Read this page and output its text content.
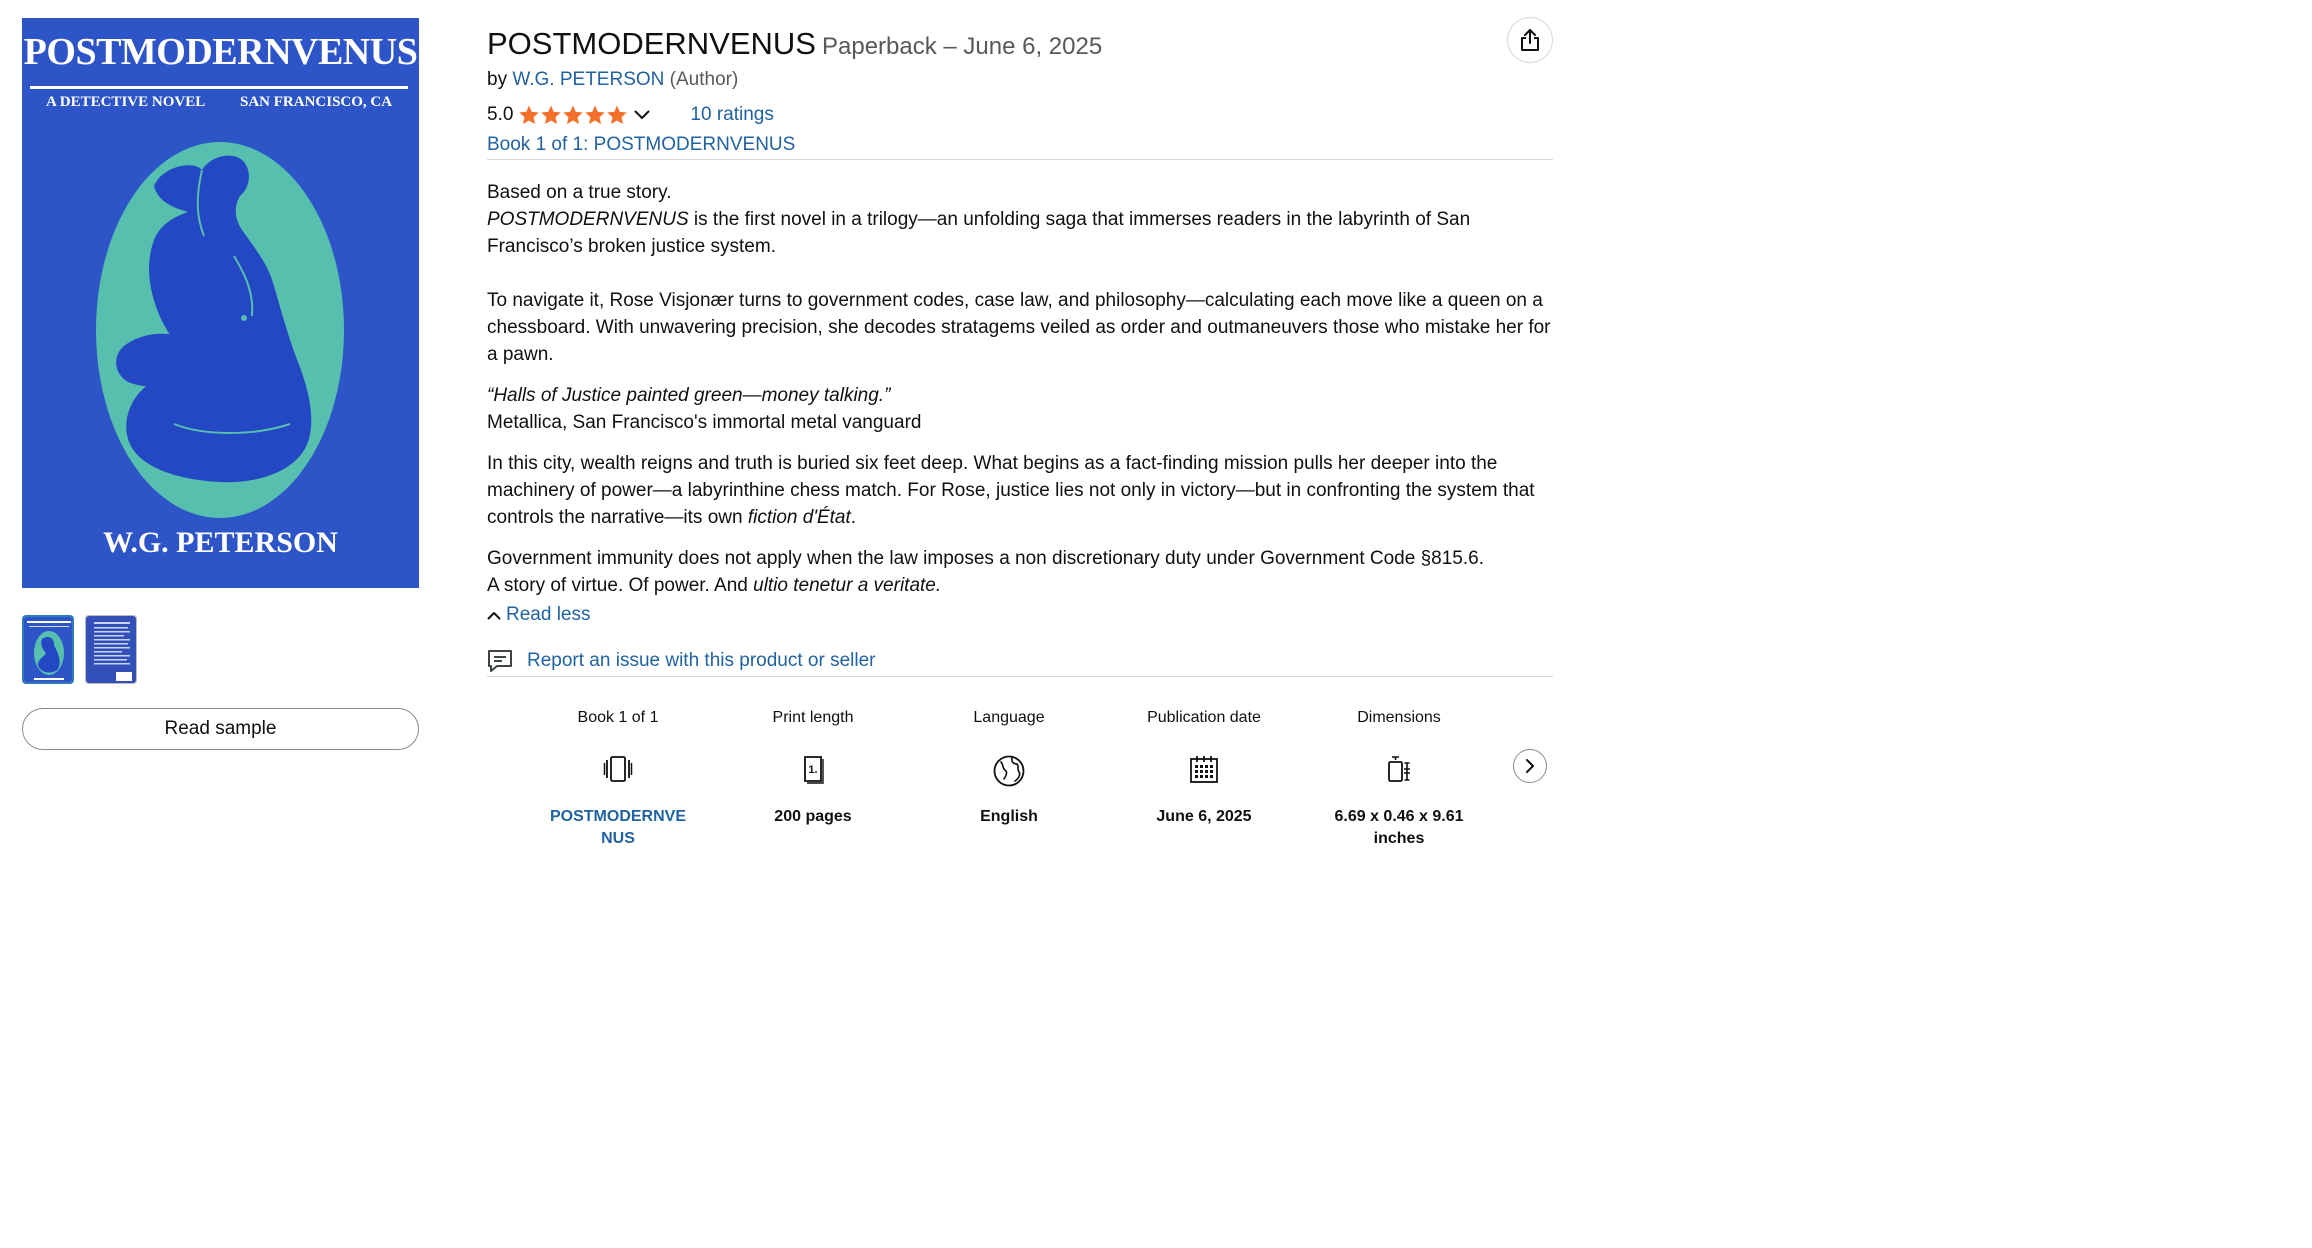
POSTMODERNVENUS
A DETECTIVE NOVEL SAN FRANCISCO, CA
W.G. PETERSON
Read sample
POSTMODERNVENUS Paperback – June 6, 2025
by W.G. PETERSON (Author)
5.0	10 ratings
Book 1 of 1: POSTMODERNVENUS

Based on a true story.
POSTMODERNVENUS is the first novel in a trilogy—an unfolding saga that immerses readers in the labyrinth of San Francisco’s broken justice system.

To navigate it, Rose Visjonær turns to government codes, case law, and philosophy—calculating each move like a queen on a chessboard. With unwavering precision, she decodes stratagems veiled as order and outmaneuvers those who mistake her for a pawn.

“Halls of Justice painted green—money talking.”
Metallica, San Francisco's immortal metal vanguard

In this city, wealth reigns and truth is buried six feet deep. What begins as a fact-finding mission pulls her deeper into the machinery of power—a labyrinthine chess match. For Rose, justice lies not only in victory—but in confronting the system that controls the narrative—its own fiction d'État.

Government immunity does not apply when the law imposes a non discretionary duty under Government Code §815.6.
A story of virtue. Of power. And ultio tenetur a veritate.

Read less
Report an issue with this product or seller
Book 1 of 1
POSTMODERNVE
NUS
Print length
1.
200 pages
Language
English
Publication date
June 6, 2025
Dimensions
6.69 x 0.46 x 9.61
inches
